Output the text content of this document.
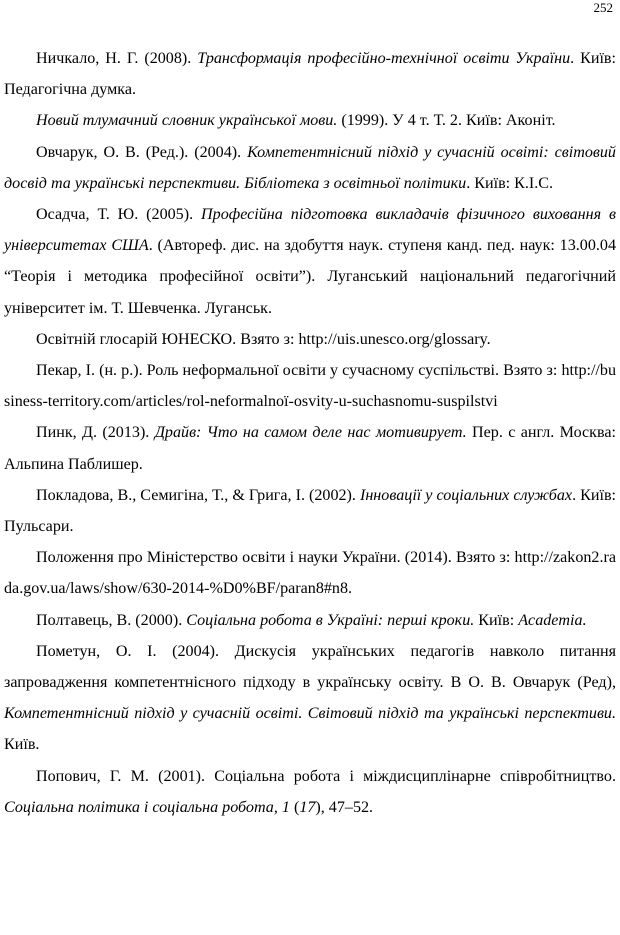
252

Ничкало, Н. Г. (2008). Трансформація професійно-технічної освіти України. Київ: Педагогічна думка.

Новий тлумачний словник української мови. (1999). У 4 т. Т. 2. Київ: Аконіт.

Овчарук, О. В. (Ред.). (2004). Компетентнісний підхід у сучасній освіті: світовий досвід та українські перспективи. Бібліотека з освітньої політики. Київ: К.І.С.

Осадча, Т. Ю. (2005). Професійна підготовка викладачів фізичного виховання в університетах США. (Автореф. дис. на здобуття наук. ступеня канд. пед. наук: 13.00.04 “Теорія і методика професійної освіти”). Луганський національний педагогічний університет ім. Т. Шевченка. Луганськ.

Освітній глосарій ЮНЕСКО. Взято з: http://uis.unesco.org/glossary.

Пекар, І. (н. р.). Роль неформальної освіти у сучасному суспільстві. Взято з: http://business-territory.com/articles/rol-neformalnoї-osvity-u-suchasnomu-suspilstvi

Пинк, Д. (2013). Драйв: Что на самом деле нас мотивирует. Пер. с англ. Москва: Альпина Паблишер.

Покладова, В., Семигіна, Т., & Грига, І. (2002). Інновації у соціальних службах. Київ: Пульсари.

Положення про Міністерство освіти і науки України. (2014). Взято з: http://zakon2.rada.gov.ua/laws/show/630-2014-%D0%BF/paran8#n8.

Полтавець, В. (2000). Соціальна робота в Україні: перші кроки. Київ: Academia.

Пометун, О. І. (2004). Дискусія українських педагогів навколо питання запровадження компетентнісного підходу в українську освіту. В О. В. Овчарук (Ред), Компетентнісний підхід у сучасній освіті. Світовий підхід та українські перспективи. Київ.

Попович, Г. М. (2001). Соціальна робота і міждисциплінарне співробітництво. Соціальна політика і соціальна робота, 1 (17), 47–52.
